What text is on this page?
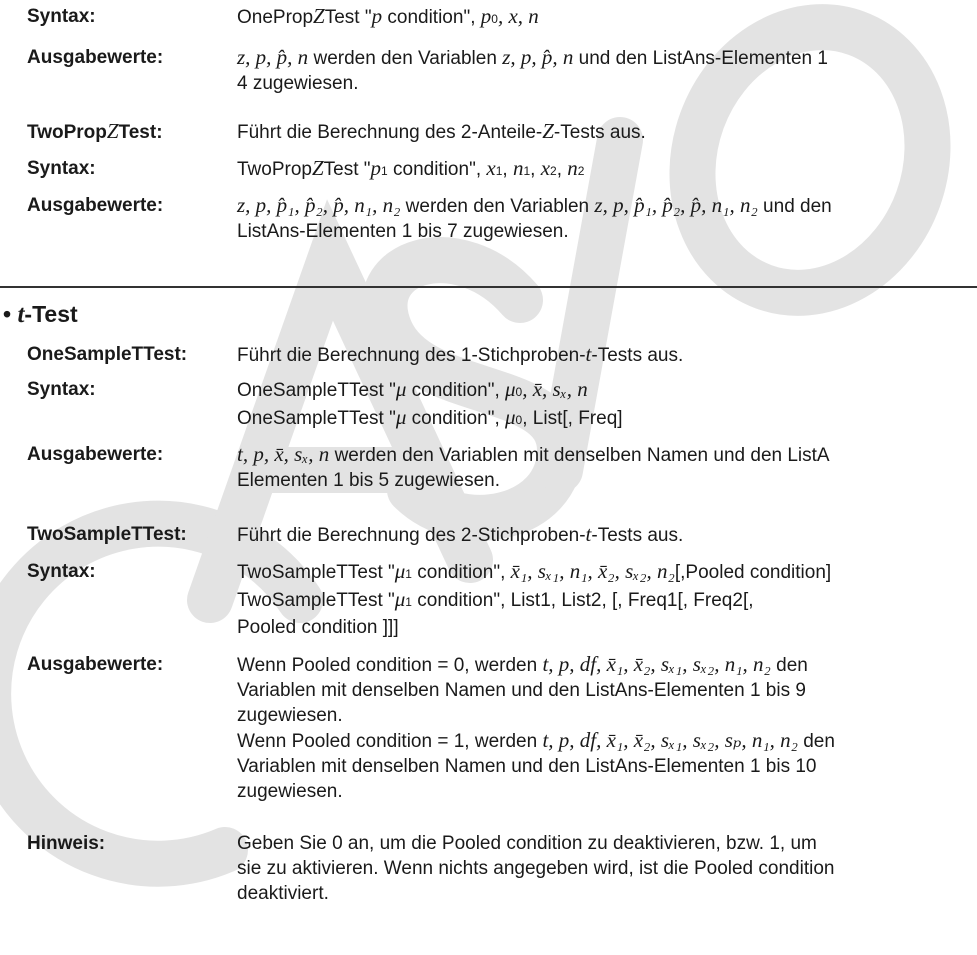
Syntax:	OnePropZTest "p condition", p0, x, n
Ausgabewerte:	z, p, p̂, n werden den Variablen z, p, p̂, n und den ListAns-Elementen 1
4 zugewiesen.
TwoPropZTest:	Führt die Berechnung des 2-Anteile-Z-Tests aus.
Syntax:	TwoPropZTest "p1 condition", x1, n1, x2, n2
Ausgabewerte:	z, p, p̂₁, p̂₂, p̂, n₁, n₂ werden den Variablen z, p, p̂₁, p̂₂, p̂, n₁, n₂ und den
ListAns-Elementen 1 bis 7 zugewiesen.
• t-Test
OneSampleTTest:	Führt die Berechnung des 1-Stichproben-t-Tests aus.
Syntax:	OneSampleTTest "μ condition", μ0, x̄, sₓ, n
OneSampleTTest "μ condition", μ0, List[, Freq]
Ausgabewerte:	t, p, x̄, sₓ, n werden den Variablen mit denselben Namen und den ListA
Elementen 1 bis 5 zugewiesen.
TwoSampleTTest:	Führt die Berechnung des 2-Stichproben-t-Tests aus.
Syntax:	TwoSampleTTest "μ1 condition", x̄₁, sₓ₁, n₁, x̄₂, sₓ₂, n₂[,Pooled condition]
TwoSampleTTest "μ1 condition", List1, List2, [, Freq1[, Freq2[,
Pooled condition ]]]
Ausgabewerte:	Wenn Pooled condition = 0, werden t, p, df, x̄₁, x̄₂, sₓ₁, sₓ₂, n₁, n₂ den
Variablen mit denselben Namen und den ListAns-Elementen 1 bis 9
zugewiesen.
Wenn Pooled condition = 1, werden t, p, df, x̄₁, x̄₂, sₓ₁, sₓ₂, sₚ, n₁, n₂ den
Variablen mit denselben Namen und den ListAns-Elementen 1 bis 10
zugewiesen.
Hinweis:	Geben Sie 0 an, um die Pooled condition zu deaktivieren, bzw. 1, um
sie zu aktivieren. Wenn nichts angegeben wird, ist die Pooled condition
deaktiviert.
